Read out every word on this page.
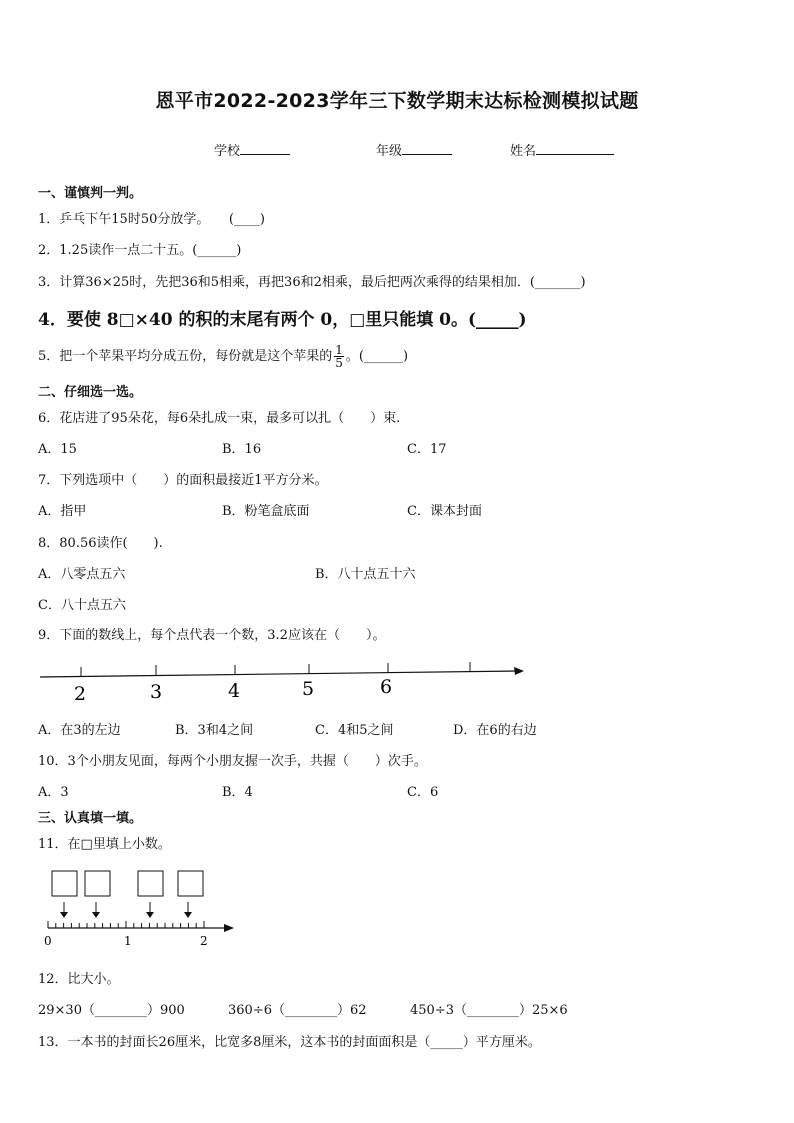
恩平市2022-2023学年三下数学期末达标检测模拟试题
学校	年级	姓名
一、谨慎判一判。
1．乒乓下午15时50分放学。　　(____)
2．1.25读作一点二十五。(______)
3．计算36×25时，先把36和5相乘，再把36和2相乘，最后把两次乘得的结果相加．(_______)
4．要使 8□×40 的积的末尾有两个 0，□里只能填 0。(_____)
5．把一个苹果平均分成五份，每份就是这个苹果的 $\frac{1}{5}$ 。(______)
二、仔细选一选。
6．花店进了95朵花，每6朵扎成一束，最多可以扎（　　）束.
A．15	B．16	C．17
7．下列选项中（　　）的面积最接近1平方分米。
A．指甲	B．粉笔盒底面	C．课本封面
8．80.56读作(　　).
A．八零点五六	B．八十点五十六
C．八十点五六
9．下面的数线上，每个点代表一个数，3.2应该在（　　）。
2	3	4	5	6
A．在3的左边	B．3和4之间	C．4和5之间	D．在6的右边
10．3个小朋友见面，每两个小朋友握一次手，共握（　　）次手。
A．3	B．4	C．6
三、认真填一填。
11．在□里填上小数。
0	1	2
12．比大小。
29×30（________）900	360÷6（________）62	450÷3（________）25×6
13．一本书的封面长26厘米，比宽多8厘米，这本书的封面面积是（_____）平方厘米。
